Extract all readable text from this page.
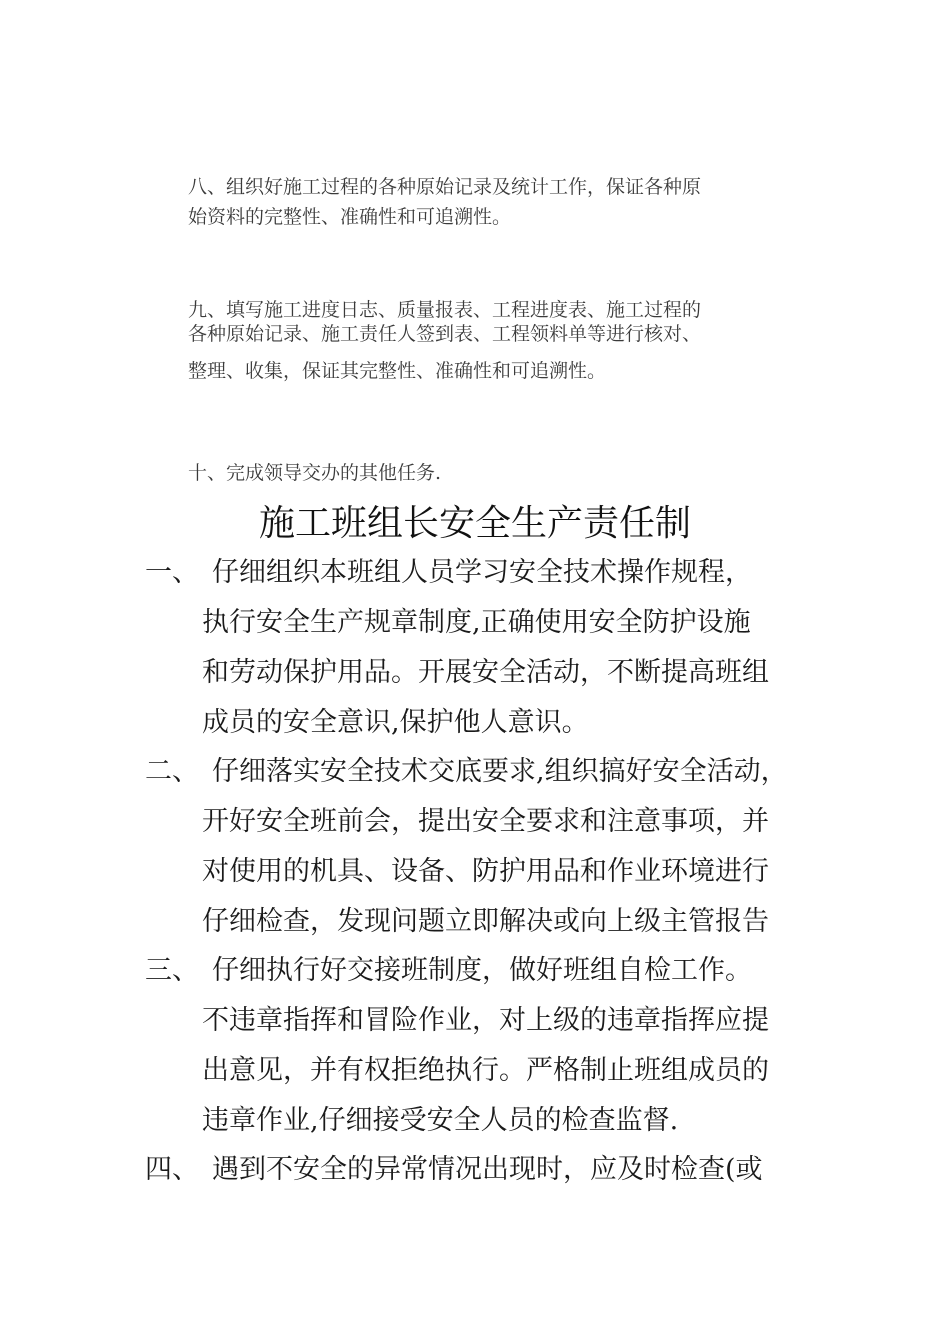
八、组织好施工过程的各种原始记录及统计工作，保证各种原
始资料的完整性、准确性和可追溯性。

九、填写施工进度日志、质量报表、工程进度表、施工过程的
各种原始记录、施工责任人签到表、工程领料单等进行核对、
整理、收集，保证其完整性、准确性和可追溯性。

十、完成领导交办的其他任务.

施工班组长安全生产责任制
一、 仔细组织本班组人员学习安全技术操作规程，
执行安全生产规章制度,正确使用安全防护设施
和劳动保护用品。开展安全活动，不断提高班组
成员的安全意识,保护他人意识。
二、 仔细落实安全技术交底要求,组织搞好安全活动，
开好安全班前会，提出安全要求和注意事项，并
对使用的机具、设备、防护用品和作业环境进行
仔细检查，发现问题立即解决或向上级主管报告
三、 仔细执行好交接班制度，做好班组自检工作。
不违章指挥和冒险作业，对上级的违章指挥应提
出意见，并有权拒绝执行。严格制止班组成员的
违章作业,仔细接受安全人员的检查监督.
四、 遇到不安全的异常情况出现时，应及时检查(或
